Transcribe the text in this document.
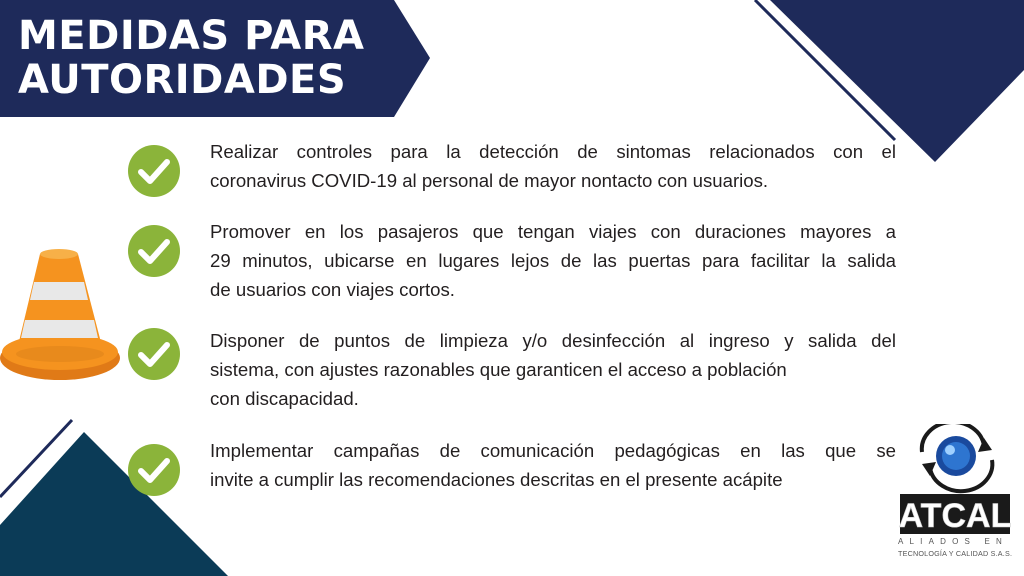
MEDIDAS PARA
AUTORIDADES
Realizar controles para la detección de sintomas relacionados con el
coronavirus COVID-19 al personal de mayor nontacto con usuarios.
Promover en los pasajeros que tengan viajes con duraciones mayores a
29 minutos, ubicarse en lugares lejos de las puertas para facilitar la salida
de usuarios con viajes cortos.
Disponer de puntos de limpieza y/o desinfección al ingreso y salida del
sistema, con ajustes razonables que garanticen el acceso a población
con discapacidad.
Implementar campañas de comunicación pedagógicas en las que se
invite a cumplir las recomendaciones descritas en el presente acápite
ATCAL
ALIADOS EN
TECNOLOGÍA Y CALIDAD S.A.S.
